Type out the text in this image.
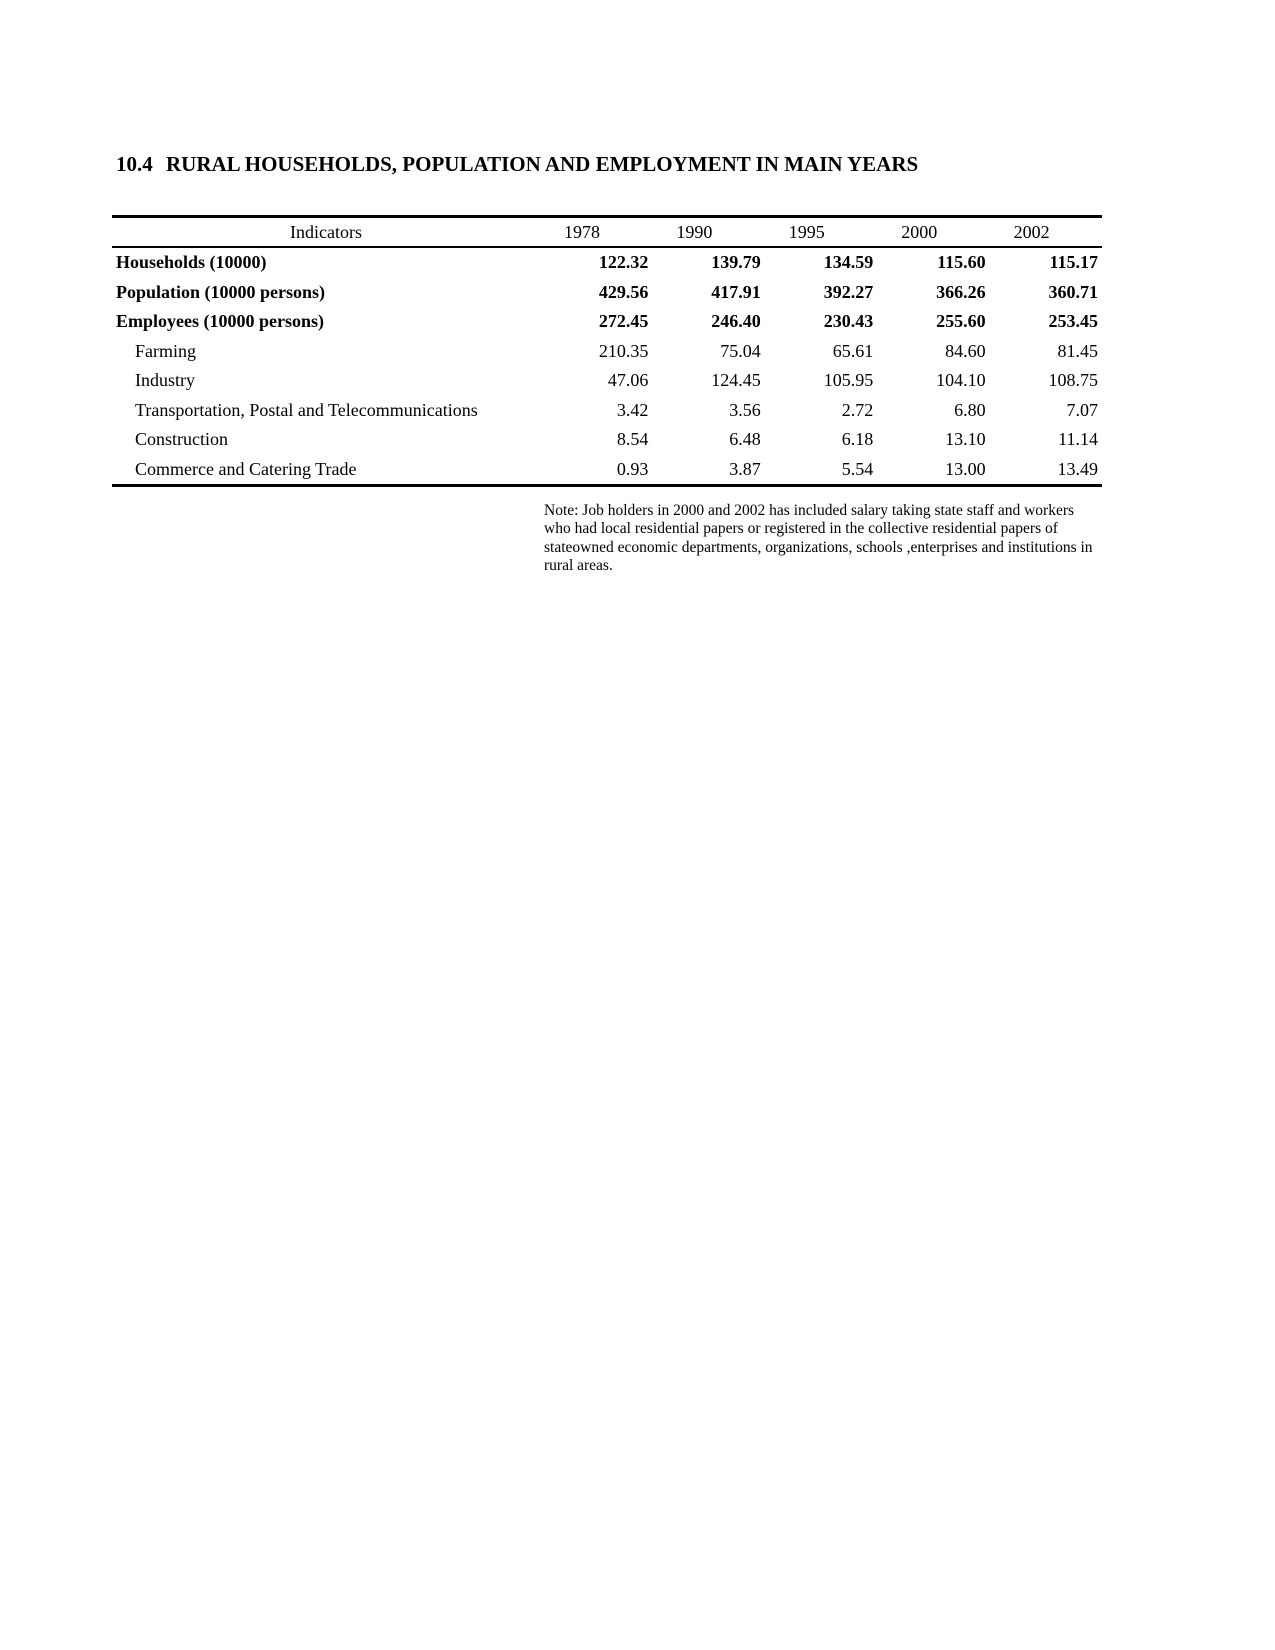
10.4 RURAL HOUSEHOLDS, POPULATION AND EMPLOYMENT IN MAIN YEARS
Indicators	1978	1990	1995	2000	2002
Households (10000)	122.32	139.79	134.59	115.60	115.17
Population (10000 persons)	429.56	417.91	392.27	366.26	360.71
Employees (10000 persons)	272.45	246.40	230.43	255.60	253.45
Farming	210.35	75.04	65.61	84.60	81.45
Industry	47.06	124.45	105.95	104.10	108.75
Transportation, Postal and Telecommunications	3.42	3.56	2.72	6.80	7.07
Construction	8.54	6.48	6.18	13.10	11.14
Commerce and Catering Trade	0.93	3.87	5.54	13.00	13.49

Note: Job holders in 2000 and 2002 has included salary taking state staff and workers who had local residential papers or registered in the collective residential papers of stateowned economic departments, organizations, schools ,enterprises and institutions in rural areas.
